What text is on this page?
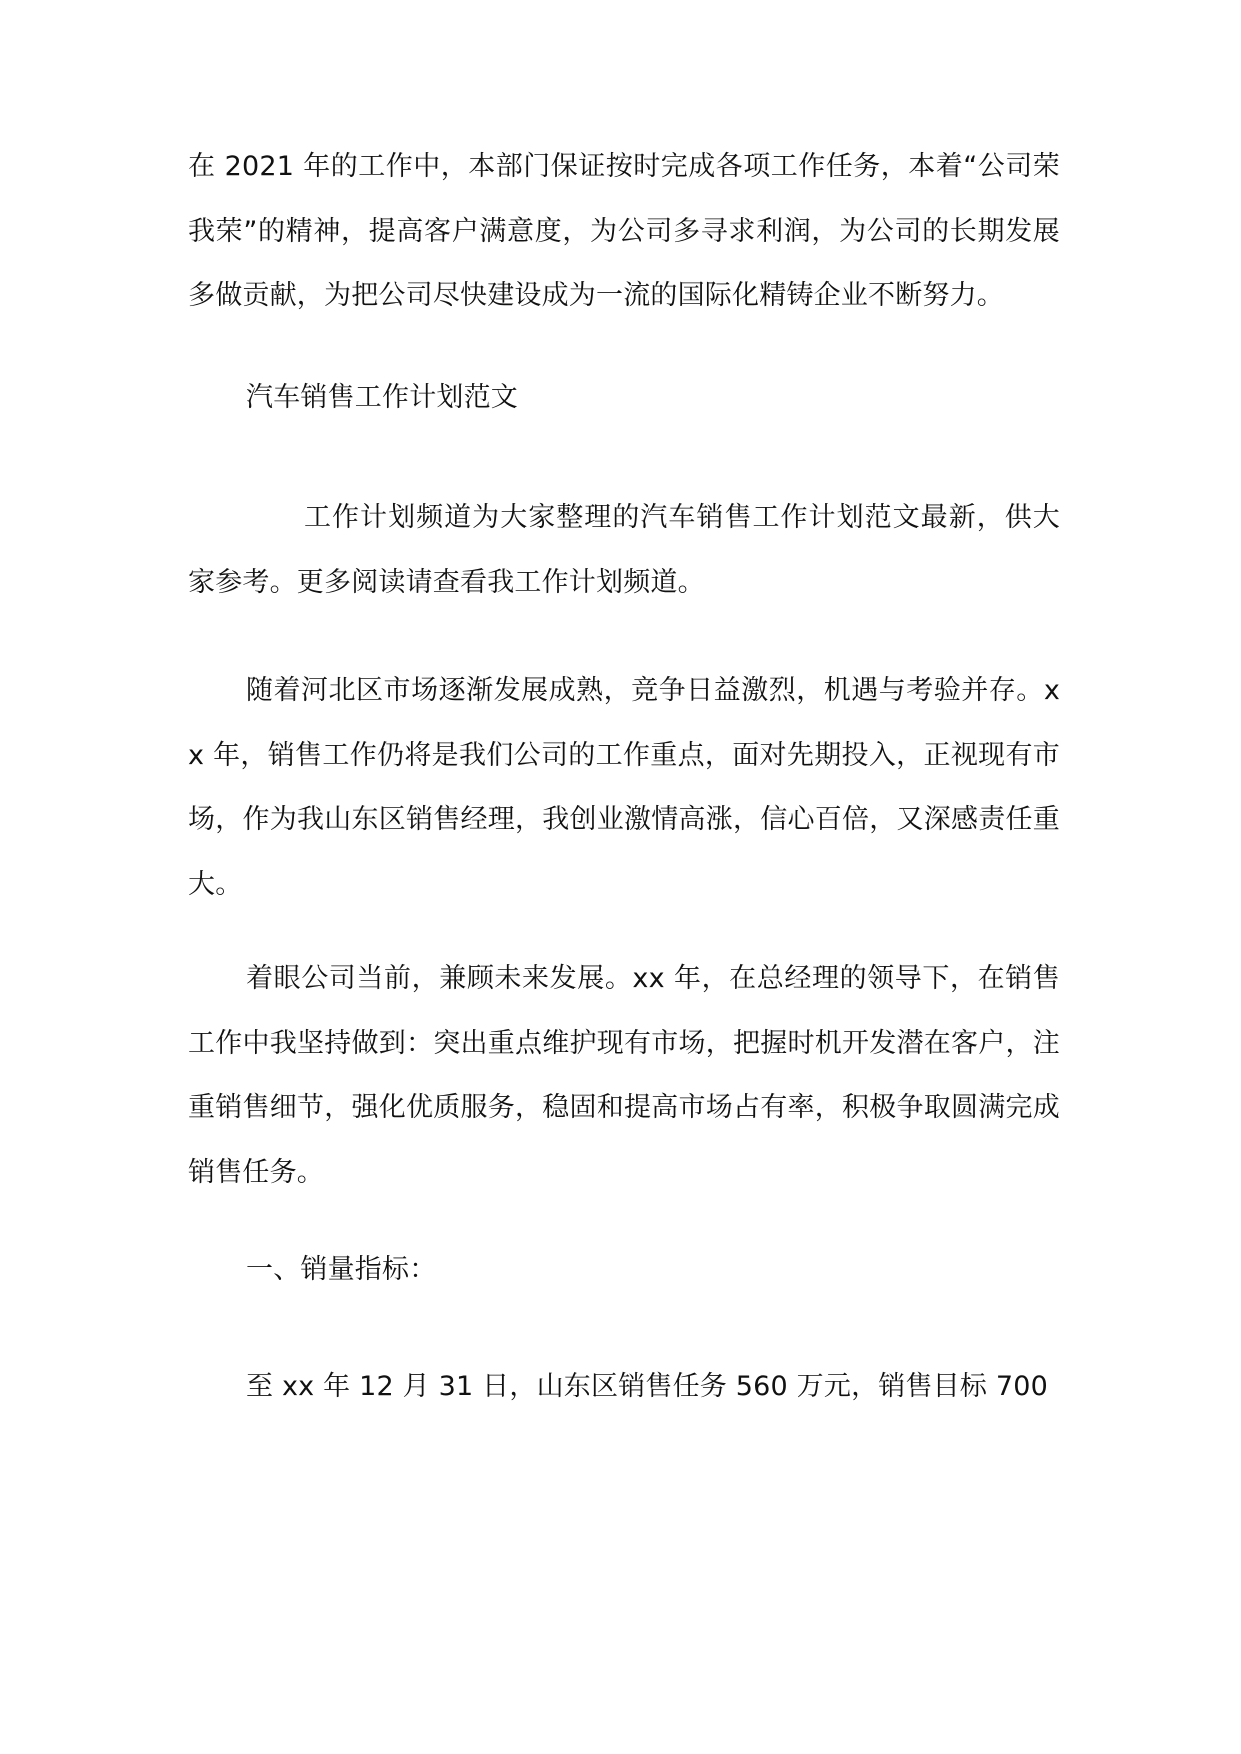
在 2021 年的工作中，本部门保证按时完成各项工作任务，本着“公司荣我荣”的精神，提高客户满意度，为公司多寻求利润，为公司的长期发展多做贡献，为把公司尽快建设成为一流的国际化精铸企业不断努力。

汽车销售工作计划范文

工作计划频道为大家整理的汽车销售工作计划范文最新，供大家参考。更多阅读请查看我工作计划频道。

随着河北区市场逐渐发展成熟，竞争日益激烈，机遇与考验并存。xx 年，销售工作仍将是我们公司的工作重点，面对先期投入，正视现有市场，作为我山东区销售经理，我创业激情高涨，信心百倍，又深感责任重大。

着眼公司当前，兼顾未来发展。xx 年，在总经理的领导下，在销售工作中我坚持做到：突出重点维护现有市场，把握时机开发潜在客户，注重销售细节，强化优质服务，稳固和提高市场占有率，积极争取圆满完成销售任务。

一、销量指标：

至 xx 年 12 月 31 日，山东区销售任务 560 万元，销售目标 700
